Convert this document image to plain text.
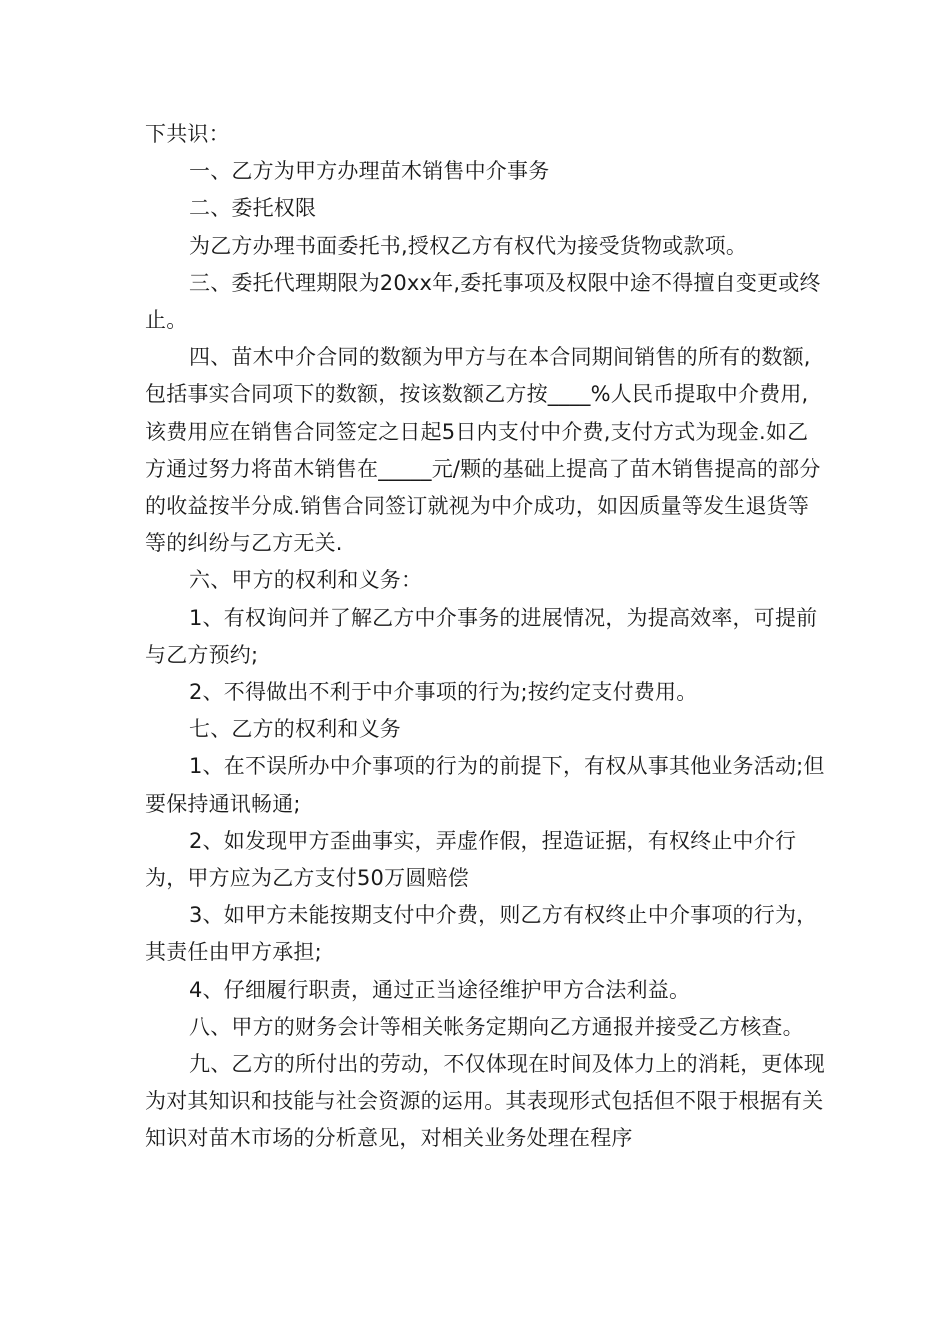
下共识：

一、乙方为甲方办理苗木销售中介事务

二、委托权限

为乙方办理书面委托书,授权乙方有权代为接受货物或款项。

三、委托代理期限为20xx年,委托事项及权限中途不得擅自变更或终止。

四、苗木中介合同的数额为甲方与在本合同期间销售的所有的数额,包括事实合同项下的数额，按该数额乙方按____%人民币提取中介费用,该费用应在销售合同签定之日起5日内支付中介费,支付方式为现金.如乙方通过努力将苗木销售在_____元/颗的基础上提高了苗木销售提高的部分的收益按半分成.销售合同签订就视为中介成功，如因质量等发生退货等等的纠纷与乙方无关.

六、甲方的权利和义务：

1、有权询问并了解乙方中介事务的进展情况，为提高效率，可提前与乙方预约;

2、不得做出不利于中介事项的行为;按约定支付费用。

七、乙方的权利和义务

1、在不误所办中介事项的行为的前提下，有权从事其他业务活动;但要保持通讯畅通;

2、如发现甲方歪曲事实，弄虚作假，捏造证据，有权终止中介行为，甲方应为乙方支付50万圆赔偿

3、如甲方未能按期支付中介费，则乙方有权终止中介事项的行为，其责任由甲方承担;

4、仔细履行职责，通过正当途径维护甲方合法利益。

八、甲方的财务会计等相关帐务定期向乙方通报并接受乙方核查。

九、乙方的所付出的劳动，不仅体现在时间及体力上的消耗，更体现为对其知识和技能与社会资源的运用。其表现形式包括但不限于根据有关知识对苗木市场的分析意见，对相关业务处理在程序
